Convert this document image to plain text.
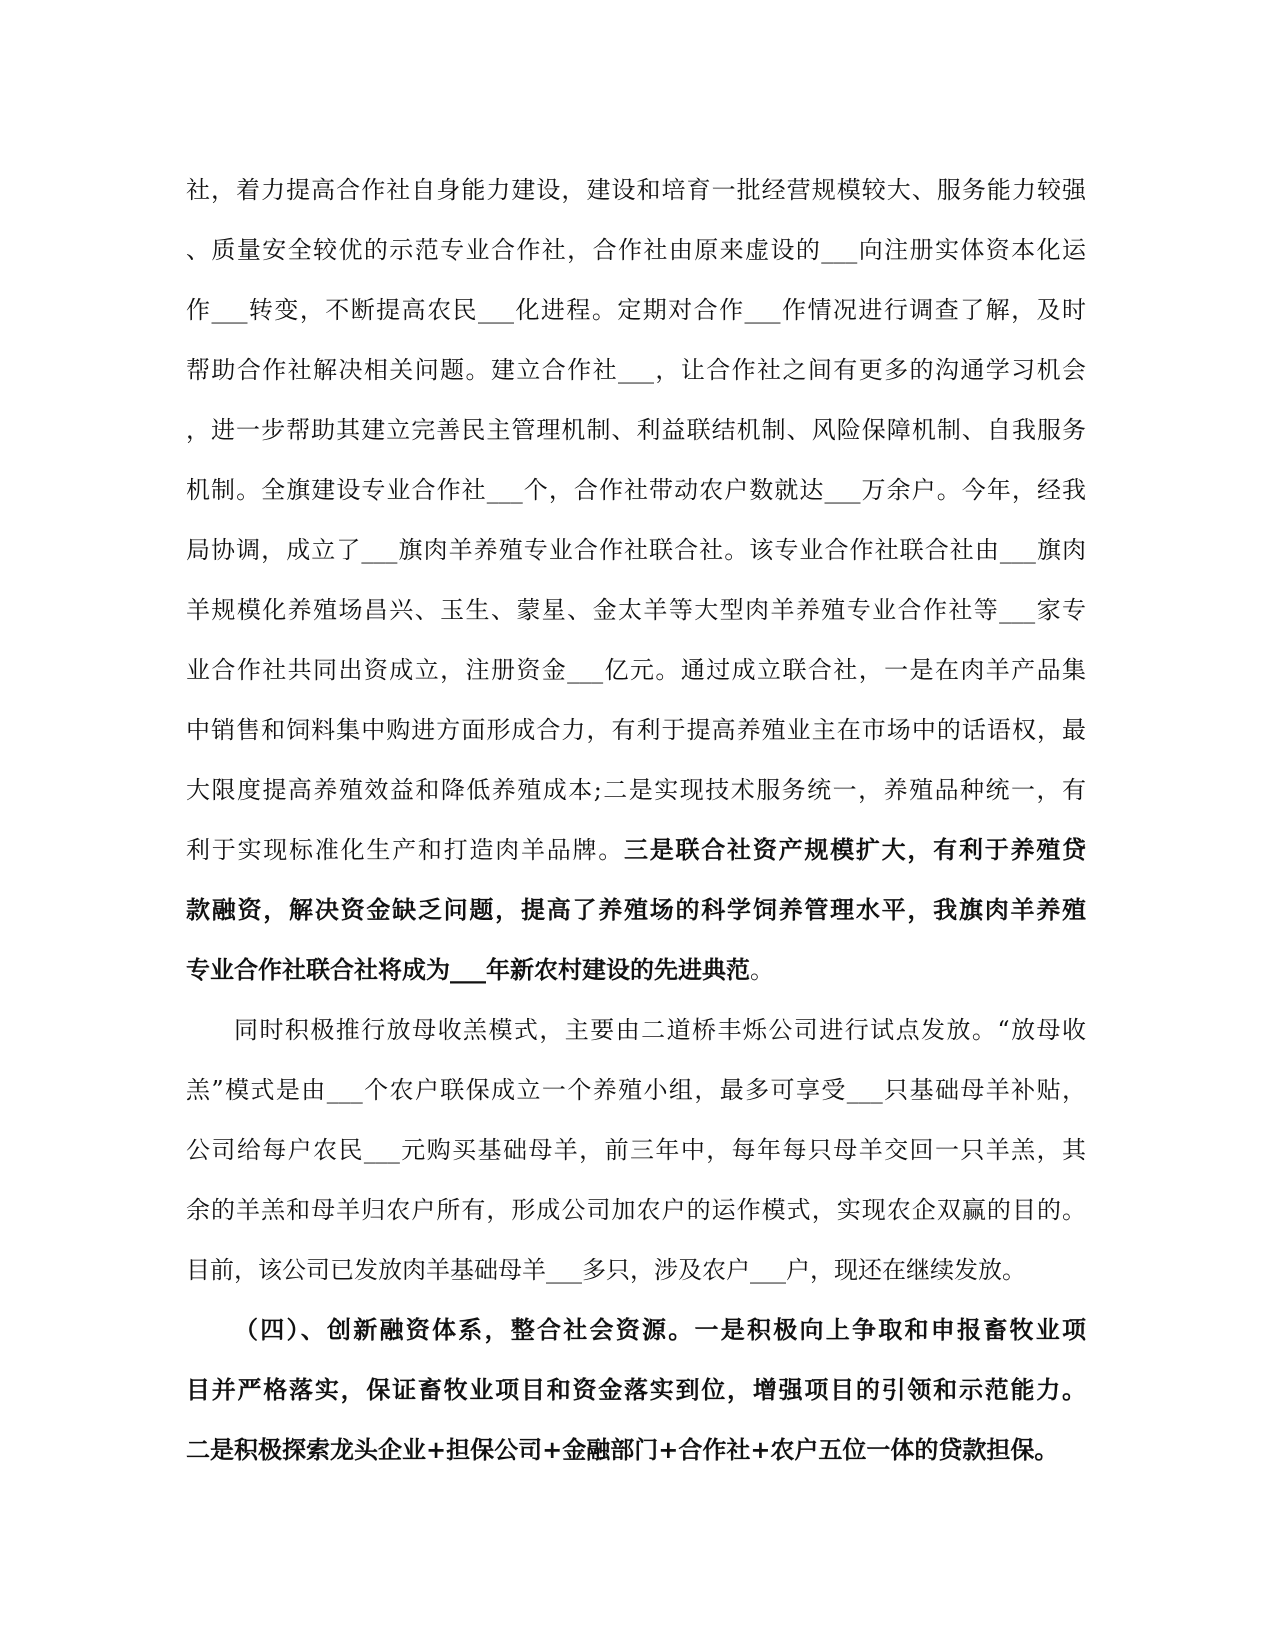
社，着力提高合作社自身能力建设，建设和培育一批经营规模较大、服务能力较强
、质量安全较优的示范专业合作社，合作社由原来虚设的___向注册实体资本化运
作___转变，不断提高农民___化进程。定期对合作___作情况进行调查了解，及时
帮助合作社解决相关问题。建立合作社___，让合作社之间有更多的沟通学习机会
，进一步帮助其建立完善民主管理机制、利益联结机制、风险保障机制、自我服务
机制。全旗建设专业合作社___个，合作社带动农户数就达___万余户。今年，经我
局协调，成立了___旗肉羊养殖专业合作社联合社。该专业合作社联合社由___旗肉
羊规模化养殖场昌兴、玉生、蒙星、金太羊等大型肉羊养殖专业合作社等___家专
业合作社共同出资成立，注册资金___亿元。通过成立联合社，一是在肉羊产品集
中销售和饲料集中购进方面形成合力，有利于提高养殖业主在市场中的话语权，最
大限度提高养殖效益和降低养殖成本;二是实现技术服务统一，养殖品种统一，有
利于实现标准化生产和打造肉羊品牌。三是联合社资产规模扩大，有利于养殖贷
款融资，解决资金缺乏问题，提高了养殖场的科学饲养管理水平，我旗肉羊养殖
专业合作社联合社将成为___年新农村建设的先进典范。
同时积极推行放母收羔模式，主要由二道桥丰烁公司进行试点发放。“放母收
羔”模式是由___个农户联保成立一个养殖小组，最多可享受___只基础母羊补贴，
公司给每户农民___元购买基础母羊，前三年中，每年每只母羊交回一只羊羔，其
余的羊羔和母羊归农户所有，形成公司加农户的运作模式，实现农企双赢的目的。
目前，该公司已发放肉羊基础母羊___多只，涉及农户___户，现还在继续发放。
（四）、创新融资体系，整合社会资源。一是积极向上争取和申报畜牧业项
目并严格落实，保证畜牧业项目和资金落实到位，增强项目的引领和示范能力。
二是积极探索龙头企业+担保公司+金融部门+合作社+农户五位一体的贷款担保。
